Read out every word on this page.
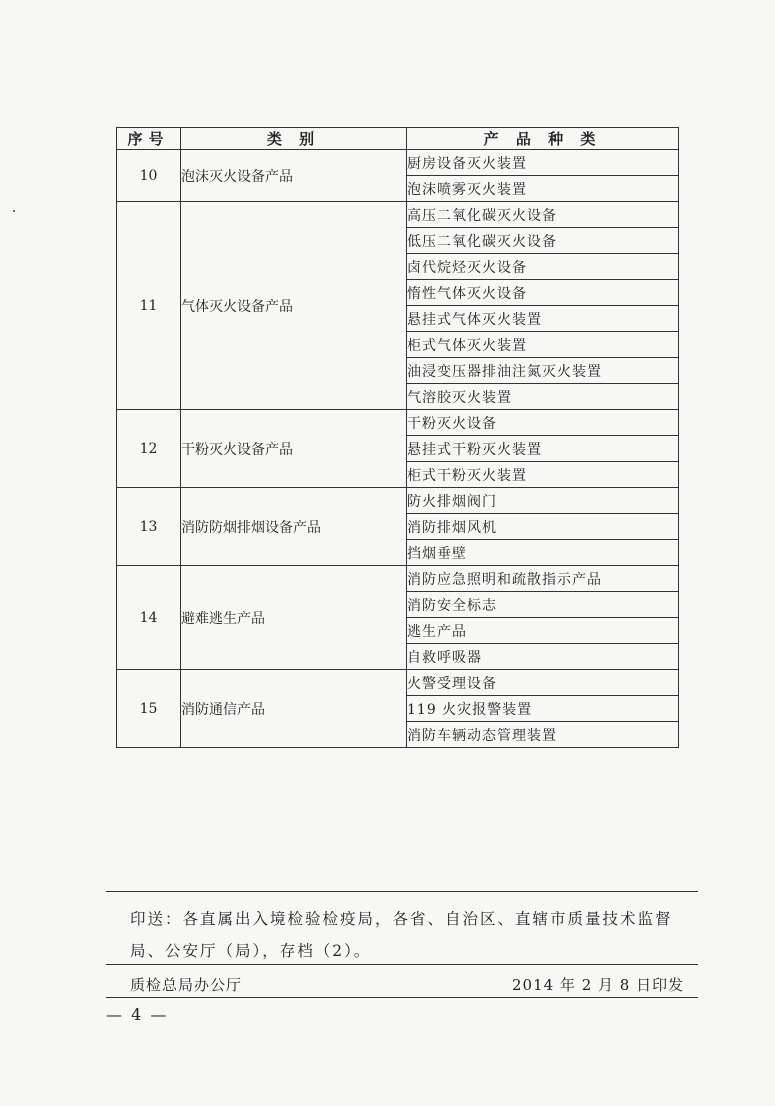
序号	类 别	产 品 种 类
10	泡沫灭火设备产品	厨房设备灭火装置
		泡沫喷雾灭火装置
11	气体灭火设备产品	高压二氧化碳灭火设备
		低压二氧化碳灭火设备
		卤代烷烃灭火设备
		惰性气体灭火设备
		悬挂式气体灭火装置
		柜式气体灭火装置
		油浸变压器排油注氮灭火装置
		气溶胶灭火装置
12	干粉灭火设备产品	干粉灭火设备
		悬挂式干粉灭火装置
		柜式干粉灭火装置
13	消防防烟排烟设备产品	防火排烟阀门
		消防排烟风机
		挡烟垂壁
14	避难逃生产品	消防应急照明和疏散指示产品
		消防安全标志
		逃生产品
		自救呼吸器
15	消防通信产品	火警受理设备
		119 火灾报警装置
		消防车辆动态管理装置
印送：各直属出入境检验检疫局，各省、自治区、直辖市质量技术监督局、公安厅（局），存档（2）。
质检总局办公厅	2014 年 2 月 8 日印发
— 4 —
